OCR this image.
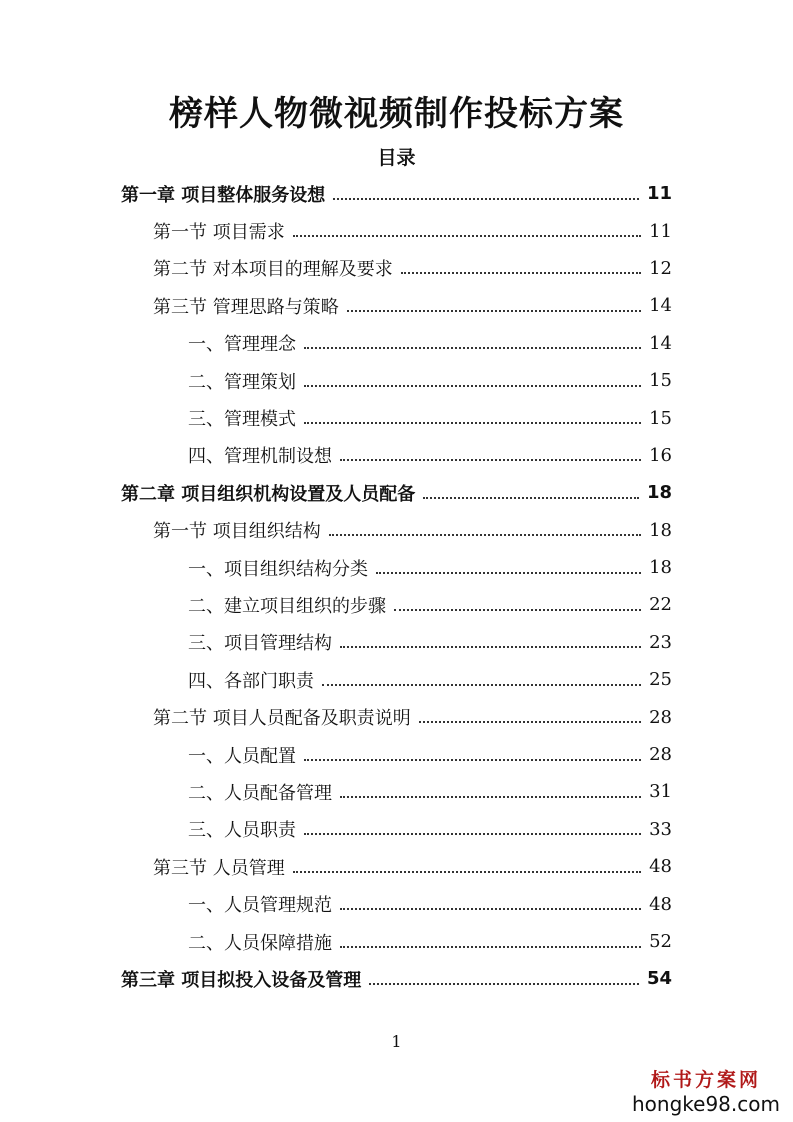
榜样人物微视频制作投标方案
目录
第一章 项目整体服务设想	11
第一节 项目需求	11
第二节 对本项目的理解及要求	12
第三节 管理思路与策略	14
一、管理理念	14
二、管理策划	15
三、管理模式	15
四、管理机制设想	16
第二章 项目组织机构设置及人员配备	18
第一节 项目组织结构	18
一、项目组织结构分类	18
二、建立项目组织的步骤	22
三、项目管理结构	23
四、各部门职责	25
第二节 项目人员配备及职责说明	28
一、人员配置	28
二、人员配备管理	31
三、人员职责	33
第三节 人员管理	48
一、人员管理规范	48
二、人员保障措施	52
第三章 项目拟投入设备及管理	54
1
标书方案网
hongke98.com
